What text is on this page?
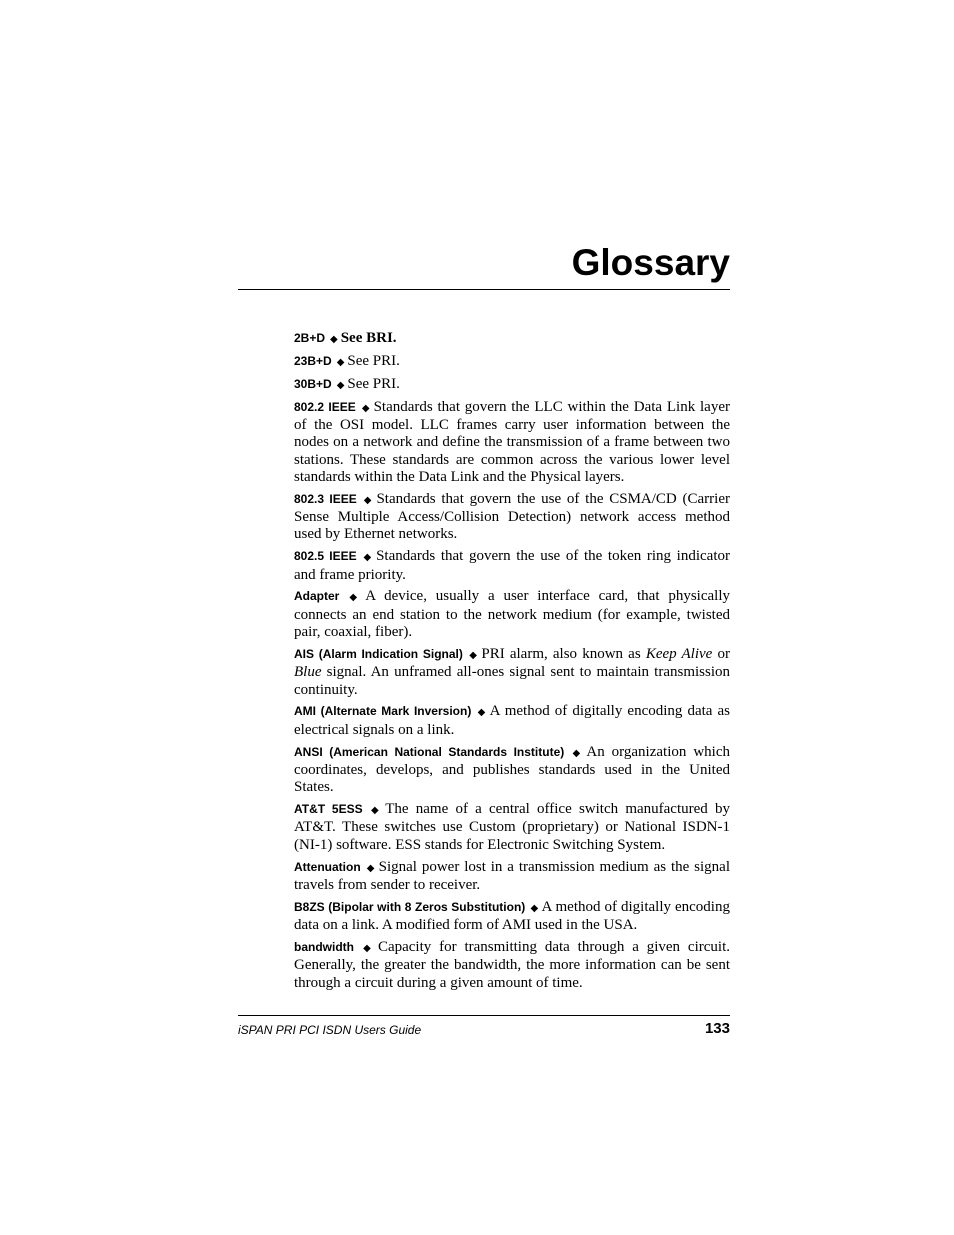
Glossary

2B+D ◆ See BRI.

23B+D ◆ See PRI.

30B+D ◆ See PRI.

802.2 IEEE ◆ Standards that govern the LLC within the Data Link layer of the OSI model. LLC frames carry user information between the nodes on a network and define the transmission of a frame between two stations. These standards are common across the various lower level standards within the Data Link and the Physical layers.

802.3 IEEE ◆ Standards that govern the use of the CSMA/CD (Carrier Sense Multiple Access/Collision Detection) network access method used by Ethernet networks.

802.5 IEEE ◆ Standards that govern the use of the token ring indicator and frame priority.

Adapter ◆ A device, usually a user interface card, that physically connects an end station to the network medium (for example, twisted pair, coaxial, fiber).

AIS (Alarm Indication Signal) ◆ PRI alarm, also known as Keep Alive or Blue signal. An unframed all-ones signal sent to maintain transmission continuity.

AMI (Alternate Mark Inversion) ◆ A method of digitally encoding data as electrical signals on a link.

ANSI (American National Standards Institute) ◆ An organization which coordinates, develops, and publishes standards used in the United States.

AT&T 5ESS ◆ The name of a central office switch manufactured by AT&T. These switches use Custom (proprietary) or National ISDN-1 (NI-1) software. ESS stands for Electronic Switching System.

Attenuation ◆ Signal power lost in a transmission medium as the signal travels from sender to receiver.

B8ZS (Bipolar with 8 Zeros Substitution) ◆ A method of digitally encoding data on a link. A modified form of AMI used in the USA.

bandwidth ◆ Capacity for transmitting data through a given circuit. Generally, the greater the bandwidth, the more information can be sent through a circuit during a given amount of time.

iSPAN PRI PCI ISDN Users Guide	133
